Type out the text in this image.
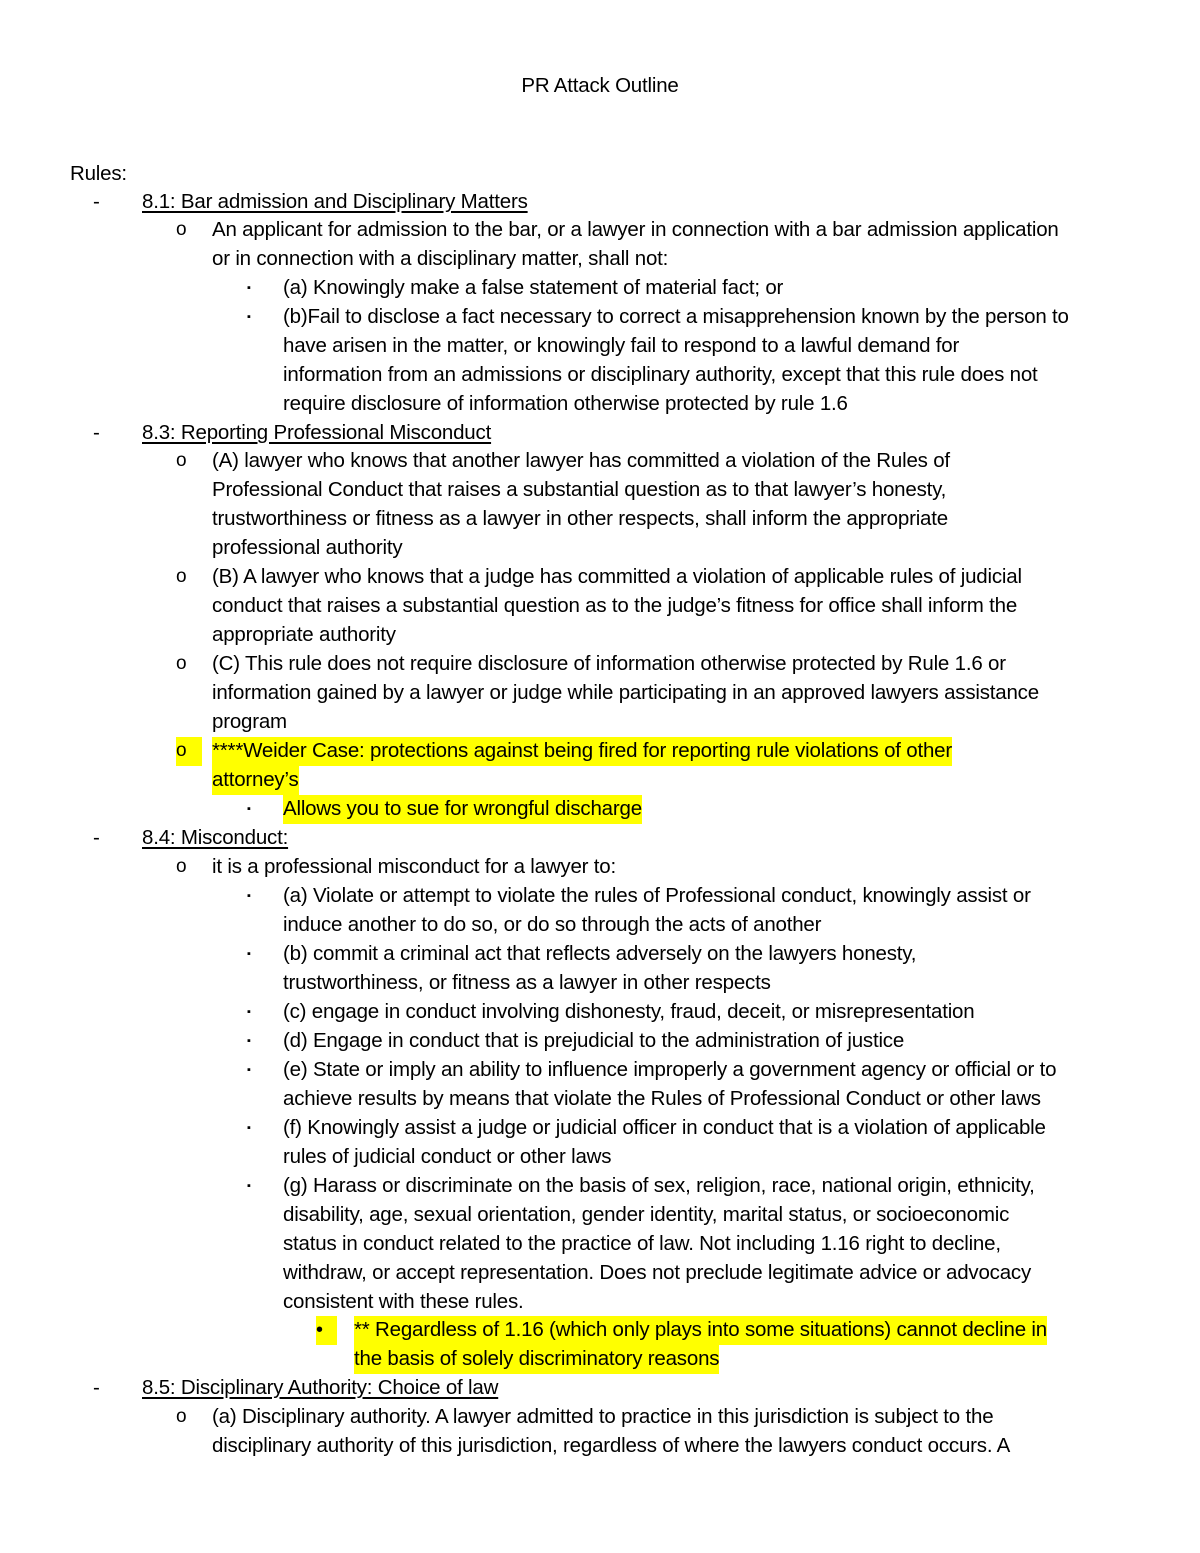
PR Attack Outline
Rules:
- 8.1: Bar admission and Disciplinary Matters
o An applicant for admission to the bar, or a lawyer in connection with a bar admission application
or in connection with a disciplinary matter, shall not:
▪ (a) Knowingly make a false statement of material fact; or
▪ (b)Fail to disclose a fact necessary to correct a misapprehension known by the person to
have arisen in the matter, or knowingly fail to respond to a lawful demand for
information from an admissions or disciplinary authority, except that this rule does not
require disclosure of information otherwise protected by rule 1.6
- 8.3: Reporting Professional Misconduct
o (A) lawyer who knows that another lawyer has committed a violation of the Rules of
Professional Conduct that raises a substantial question as to that lawyer’s honesty,
trustworthiness or fitness as a lawyer in other respects, shall inform the appropriate
professional authority
o (B) A lawyer who knows that a judge has committed a violation of applicable rules of judicial
conduct that raises a substantial question as to the judge’s fitness for office shall inform the
appropriate authority
o (C) This rule does not require disclosure of information otherwise protected by Rule 1.6 or
information gained by a lawyer or judge while participating in an approved lawyers assistance
program
o	****Weider Case: protections against being fired for reporting rule violations of other
attorney’s
▪ Allows you to sue for wrongful discharge
- 8.4: Misconduct:
o it is a professional misconduct for a lawyer to:
▪ (a) Violate or attempt to violate the rules of Professional conduct, knowingly assist or
induce another to do so, or do so through the acts of another
▪ (b) commit a criminal act that reflects adversely on the lawyers honesty,
trustworthiness, or fitness as a lawyer in other respects
▪ (c) engage in conduct involving dishonesty, fraud, deceit, or misrepresentation
▪ (d) Engage in conduct that is prejudicial to the administration of justice
▪ (e) State or imply an ability to influence improperly a government agency or official or to
achieve results by means that violate the Rules of Professional Conduct or other laws
▪ (f) Knowingly assist a judge or judicial officer in conduct that is a violation of applicable
rules of judicial conduct or other laws
▪ (g) Harass or discriminate on the basis of sex, religion, race, national origin, ethnicity,
disability, age, sexual orientation, gender identity, marital status, or socioeconomic
status in conduct related to the practice of law. Not including 1.16 right to decline,
withdraw, or accept representation. Does not preclude legitimate advice or advocacy
consistent with these rules.
•	** Regardless of 1.16 (which only plays into some situations) cannot decline in
the basis of solely discriminatory reasons
- 8.5: Disciplinary Authority: Choice of law
o (a) Disciplinary authority. A lawyer admitted to practice in this jurisdiction is subject to the
disciplinary authority of this jurisdiction, regardless of where the lawyers conduct occurs. A
